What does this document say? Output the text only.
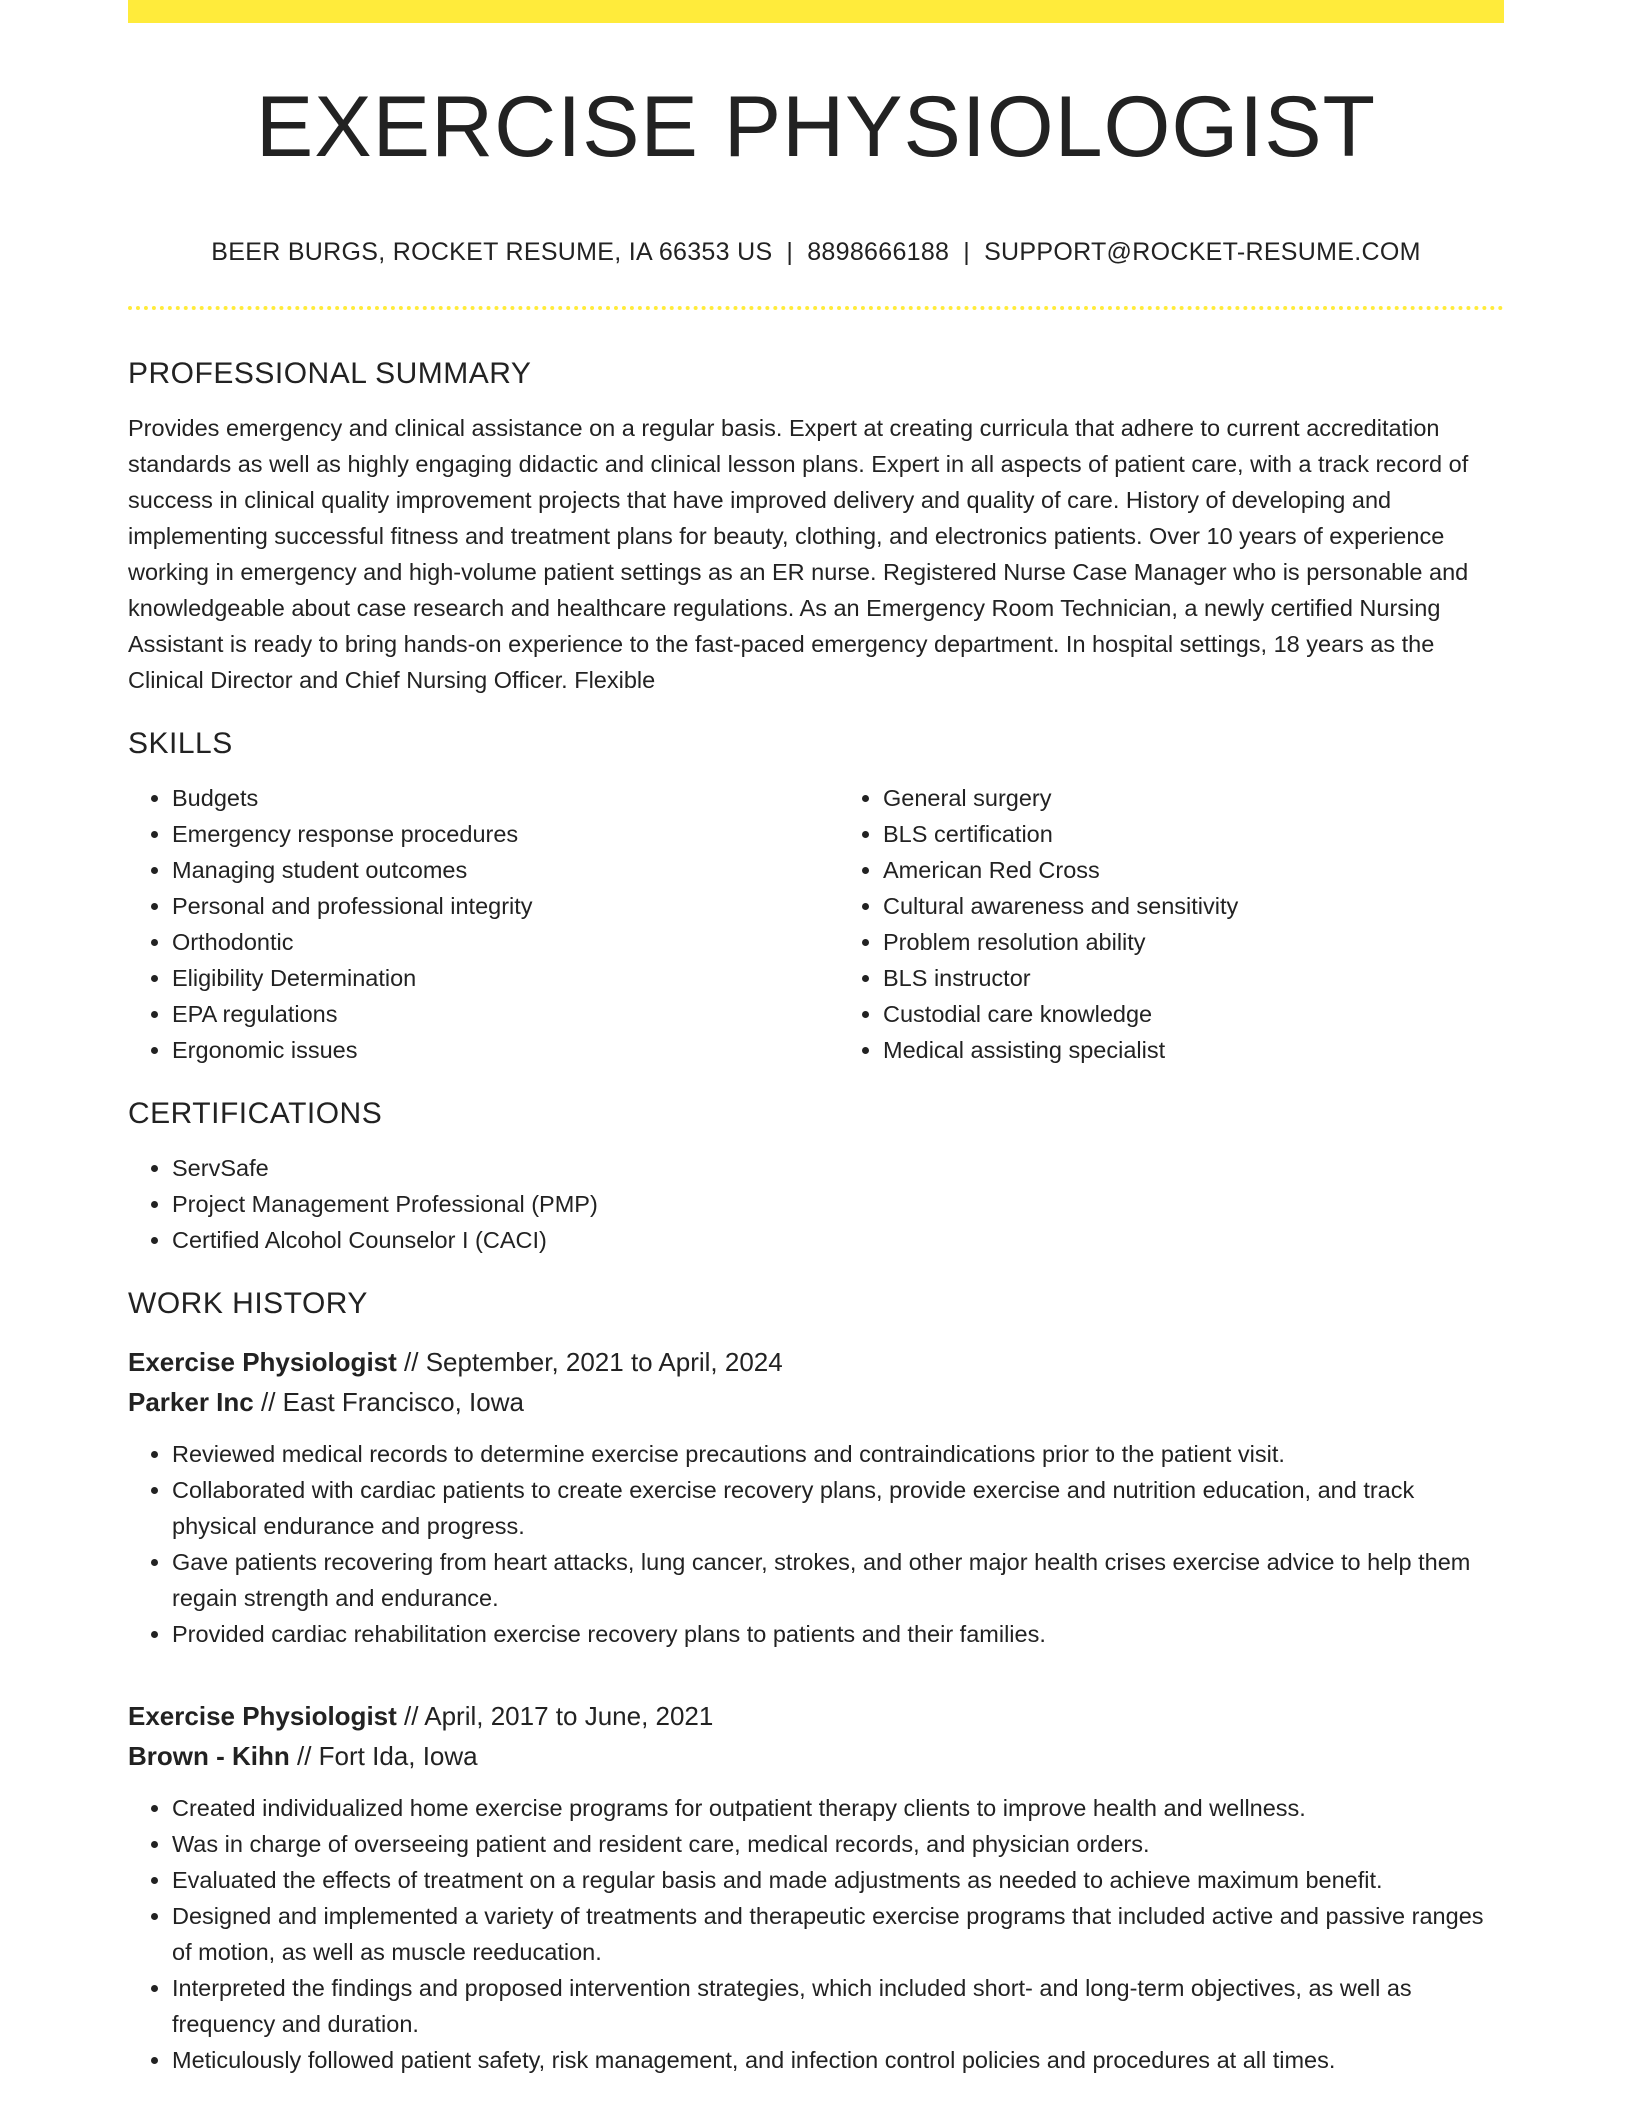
EXERCISE PHYSIOLOGIST
BEER BURGS, ROCKET RESUME, IA 66353 US | 8898666188 | SUPPORT@ROCKET-RESUME.COM
PROFESSIONAL SUMMARY

Provides emergency and clinical assistance on a regular basis. Expert at creating curricula that adhere to current accreditation standards as well as highly engaging didactic and clinical lesson plans. Expert in all aspects of patient care, with a track record of success in clinical quality improvement projects that have improved delivery and quality of care. History of developing and implementing successful fitness and treatment plans for beauty, clothing, and electronics patients. Over 10 years of experience working in emergency and high-volume patient settings as an ER nurse. Registered Nurse Case Manager who is personable and knowledgeable about case research and healthcare regulations. As an Emergency Room Technician, a newly certified Nursing Assistant is ready to bring hands-on experience to the fast-paced emergency department. In hospital settings, 18 years as the Clinical Director and Chief Nursing Officer. Flexible

SKILLS
• Budgets
• Emergency response procedures
• Managing student outcomes
• Personal and professional integrity
• Orthodontic
• Eligibility Determination
• EPA regulations
• Ergonomic issues
• General surgery
• BLS certification
• American Red Cross
• Cultural awareness and sensitivity
• Problem resolution ability
• BLS instructor
• Custodial care knowledge
• Medical assisting specialist
CERTIFICATIONS
• ServSafe
• Project Management Professional (PMP)
• Certified Alcohol Counselor I (CACI)
WORK HISTORY
Exercise Physiologist // September, 2021 to April, 2024
Parker Inc // East Francisco, Iowa
• Reviewed medical records to determine exercise precautions and contraindications prior to the patient visit.
• Collaborated with cardiac patients to create exercise recovery plans, provide exercise and nutrition education, and track physical endurance and progress.
• Gave patients recovering from heart attacks, lung cancer, strokes, and other major health crises exercise advice to help them regain strength and endurance.
• Provided cardiac rehabilitation exercise recovery plans to patients and their families.
Exercise Physiologist // April, 2017 to June, 2021
Brown - Kihn // Fort Ida, Iowa
• Created individualized home exercise programs for outpatient therapy clients to improve health and wellness.
• Was in charge of overseeing patient and resident care, medical records, and physician orders.
• Evaluated the effects of treatment on a regular basis and made adjustments as needed to achieve maximum benefit.
• Designed and implemented a variety of treatments and therapeutic exercise programs that included active and passive ranges of motion, as well as muscle reeducation.
• Interpreted the findings and proposed intervention strategies, which included short- and long-term objectives, as well as frequency and duration.
• Meticulously followed patient safety, risk management, and infection control policies and procedures at all times.
